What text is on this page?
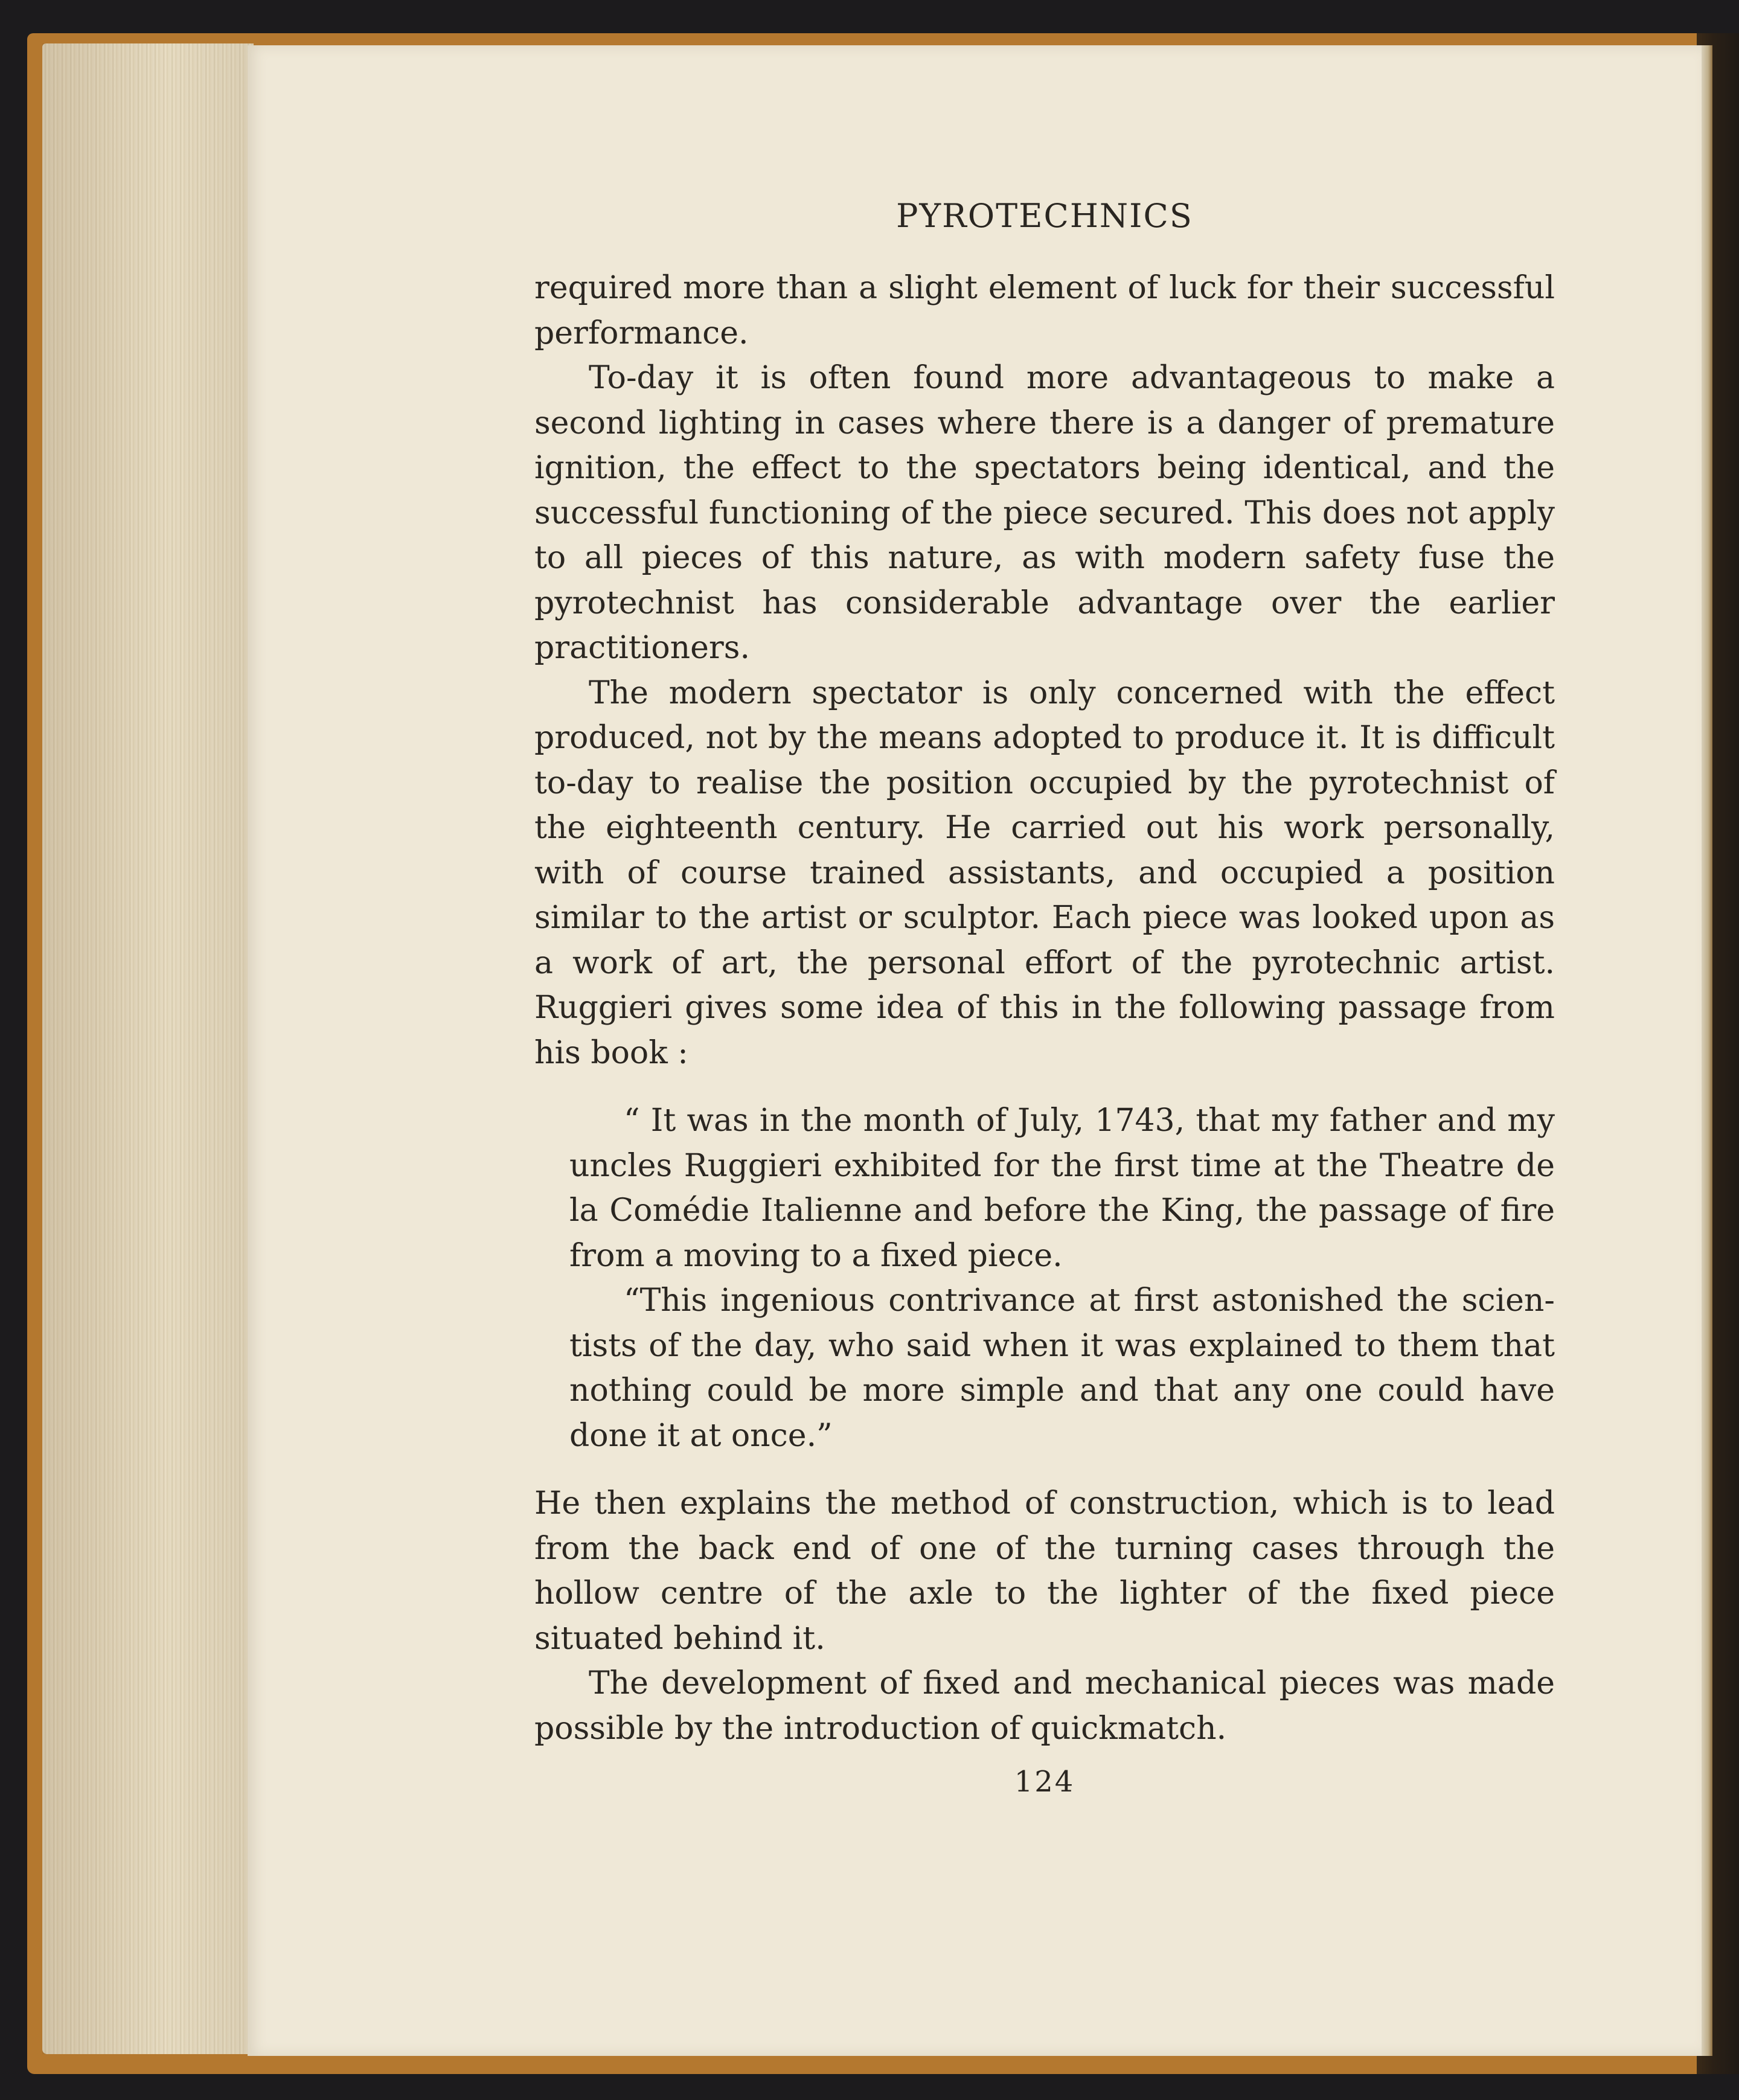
PYROTECHNICS

required more than a slight element of luck for their successful performance.

To-day it is often found more advantageous to make a second lighting in cases where there is a danger of premature ignition, the effect to the spectators being identical, and the successful functioning of the piece secured. This does not apply to all pieces of this nature, as with modern safety fuse the pyrotechnist has considerable advantage over the earlier practitioners.

The modern spectator is only concerned with the effect produced, not by the means adopted to produce it. It is difficult to-day to realise the position occupied by the pyrotechnist of the eighteenth century. He carried out his work personally, with of course trained assistants, and occupied a position similar to the artist or sculptor. Each piece was looked upon as a work of art, the personal effort of the pyrotechnic artist. Ruggieri gives some idea of this in the following passage from his book :

“ It was in the month of July, 1743, that my father and my uncles Ruggieri exhibited for the first time at the Theatre de la Comédie Italienne and before the King, the passage of fire from a moving to a fixed piece.

“This ingenious contrivance at first astonished the scientists of the day, who said when it was explained to them that nothing could be more simple and that any one could have done it at once.”

He then explains the method of construction, which is to lead from the back end of one of the turning cases through the hollow centre of the axle to the lighter of the fixed piece situated behind it.

The development of fixed and mechanical pieces was made possible by the introduction of quickmatch.

124
